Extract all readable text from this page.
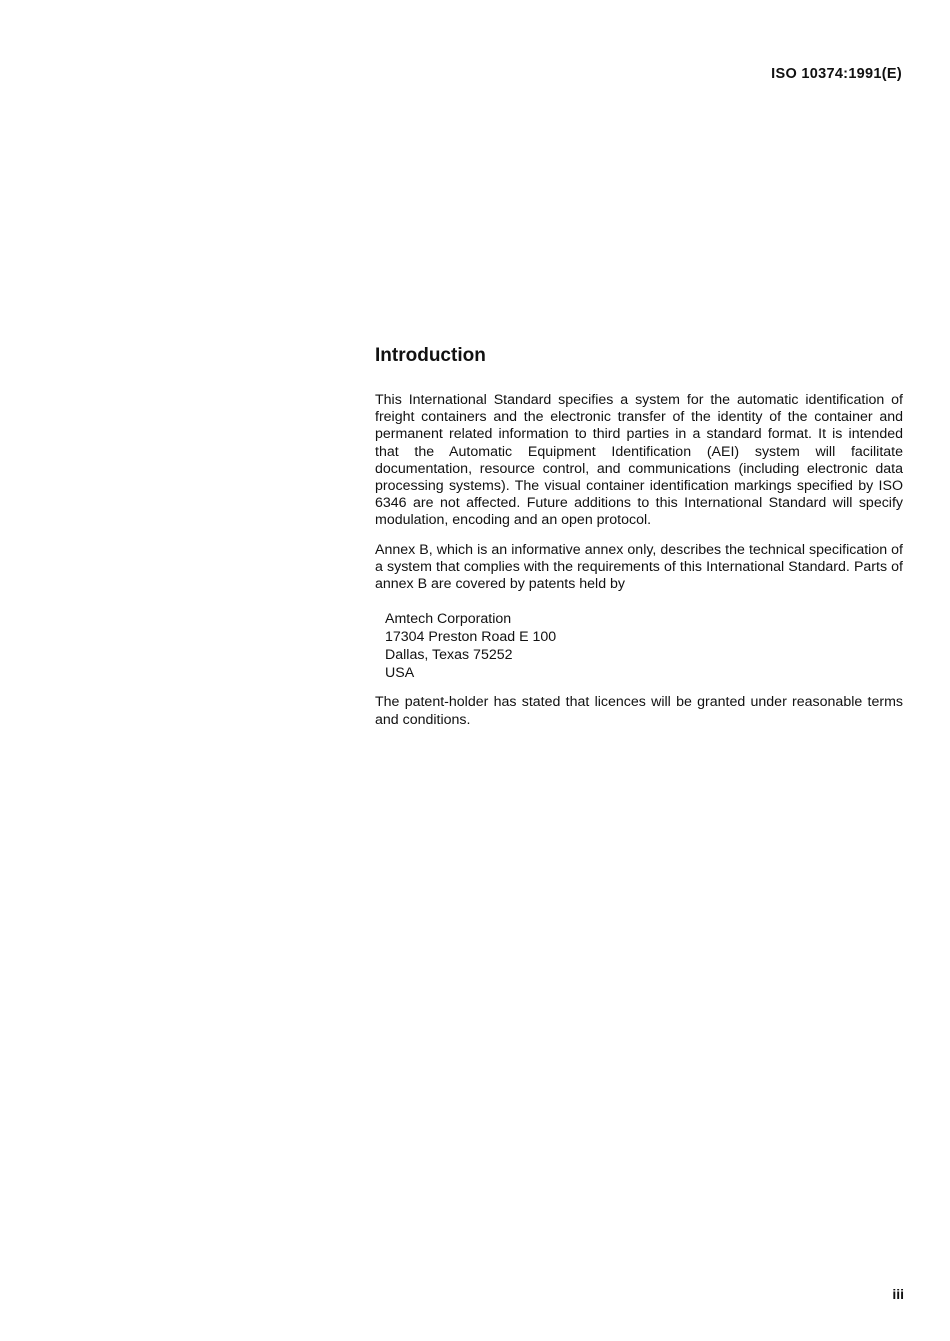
ISO 10374:1991(E)
Introduction

This International Standard specifies a system for the automatic identification of freight containers and the electronic transfer of the identity of the container and permanent related information to third parties in a standard format. It is intended that the Automatic Equipment Identification (AEI) system will facilitate documentation, resource control, and communications (including electronic data processing systems). The visual container identification markings specified by ISO 6346 are not affected. Future additions to this International Standard will specify modulation, encoding and an open protocol.

Annex B, which is an informative annex only, describes the technical specification of a system that complies with the requirements of this International Standard. Parts of annex B are covered by patents held by

Amtech Corporation
17304 Preston Road E 100
Dallas, Texas 75252
USA

The patent-holder has stated that licences will be granted under reasonable terms and conditions.

iii
